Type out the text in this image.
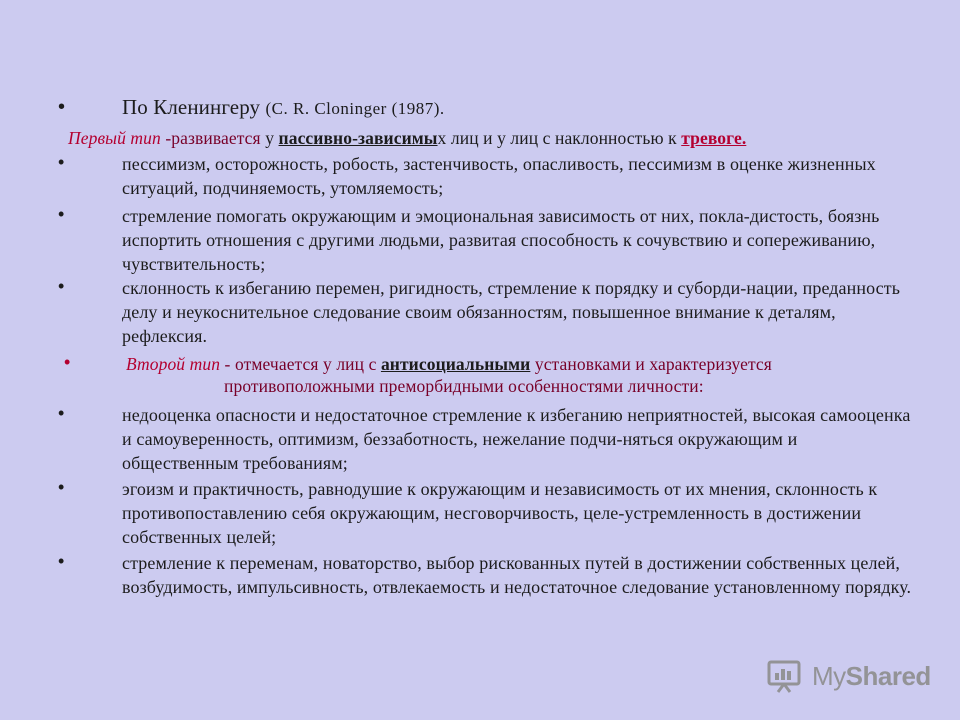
•	По Кленингеру (C. R. Cloninger (1987).
Первый тип -развивается у пассивно-зависимых лиц и у лиц с наклонностью к тревоге.
•	пессимизм, осторожность, робость, застенчивость, опасливость, пессимизм в оценке жизненных ситуаций, подчиняемость, утомляемость;
•	стремление помогать окружающим и эмоциональная зависимость от них, покла-дистость, боязнь испортить отношения с другими людьми, развитая способность к сочувствию и сопереживанию, чувствительность;
•	склонность к избеганию перемен, ригидность, стремление к порядку и суборди-нации, преданность делу и неукоснительное следование своим обязанностям, повышенное внимание к деталям, рефлексия.
•	Второй тип - отмечается у лиц с антисоциальными установками и характеризуется
противоположными преморбидными особенностями личности:
•	недооценка опасности и недостаточное стремление к избеганию неприятностей, высокая самооценка и самоуверенность, оптимизм, беззаботность, нежелание подчи-няться окружающим и общественным требованиям;
•	эгоизм и практичность, равнодушие к окружающим и независимость от их мнения, склонность к противопоставлению себя окружающим, несговорчивость, целе-устремленность в достижении собственных целей;
•	стремление к переменам, новаторство, выбор рискованных путей в достижении собственных целей, возбудимость, импульсивность, отвлекаемость и недостаточное следование установленному порядку.
MyShared
